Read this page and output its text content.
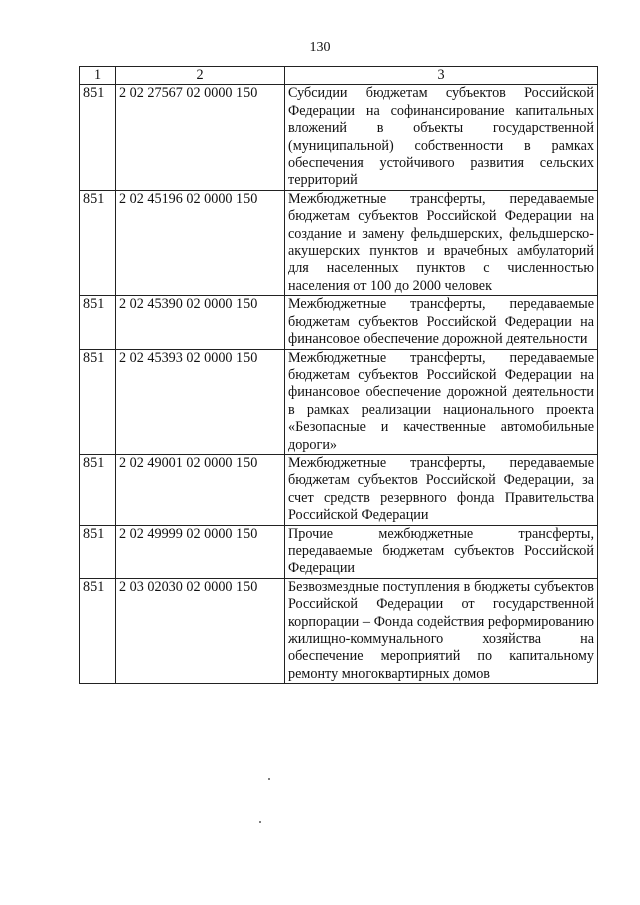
130
1	2	3
851	2 02 27567 02 0000 150	Субсидии бюджетам субъектов Российской Федерации на софинансирование капитальных вложений в объекты государственной (муниципальной) собственности в рамках обеспечения устойчивого развития сельских территорий
851	2 02 45196 02 0000 150	Межбюджетные трансферты, передаваемые бюджетам субъектов Российской Федерации на создание и замену фельдшерских, фельдшерско-акушерских пунктов и врачебных амбулаторий для населенных пунктов с численностью населения от 100 до 2000 человек
851	2 02 45390 02 0000 150	Межбюджетные трансферты, передаваемые бюджетам субъектов Российской Федерации на финансовое обеспечение дорожной деятельности
851	2 02 45393 02 0000 150	Межбюджетные трансферты, передаваемые бюджетам субъектов Российской Федерации на финансовое обеспечение дорожной деятельности в рамках реализации национального проекта «Безопасные и качественные автомобильные дороги»
851	2 02 49001 02 0000 150	Межбюджетные трансферты, передаваемые бюджетам субъектов Российской Федерации, за счет средств резервного фонда Правительства Российской Федерации
851	2 02 49999 02 0000 150	Прочие межбюджетные трансферты, передаваемые бюджетам субъектов Российской Федерации
851	2 03 02030 02 0000 150	Безвозмездные поступления в бюджеты субъектов Российской Федерации от государственной корпорации – Фонда содействия реформированию жилищно-коммунального хозяйства на обеспечение мероприятий по капитальному ремонту многоквартирных домов
